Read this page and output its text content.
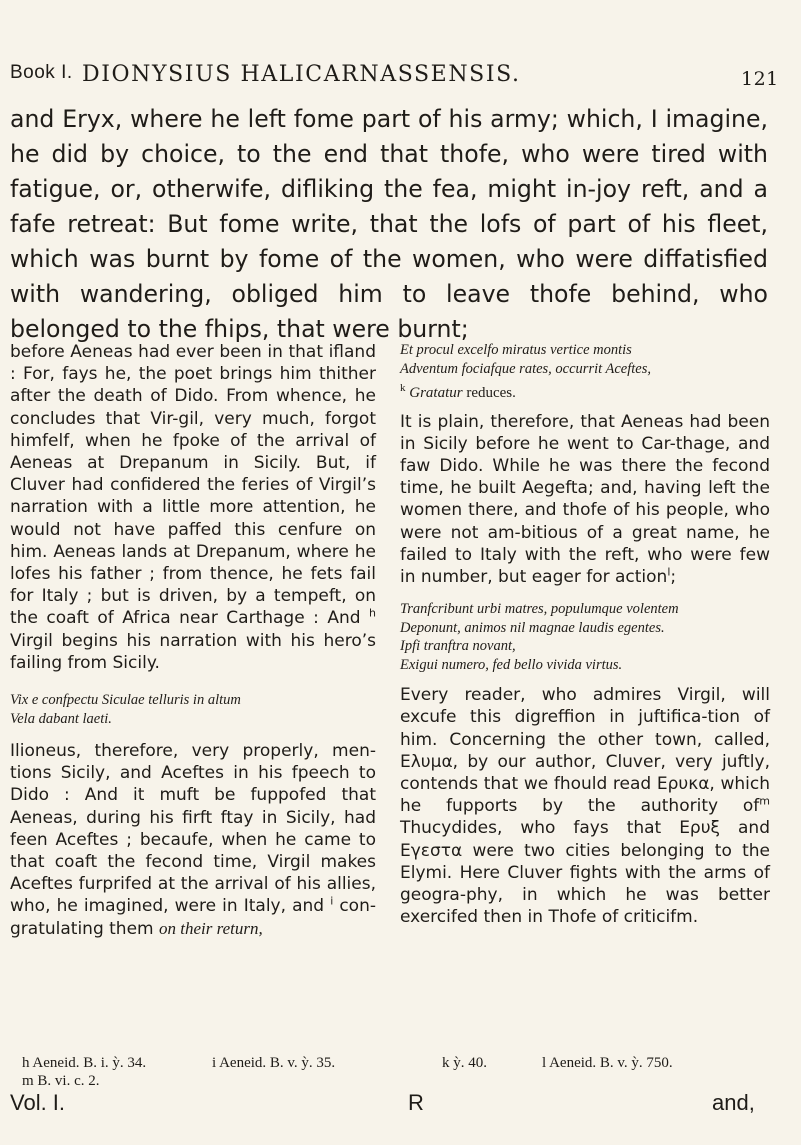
Book I. DIONYSIUS HALICARNASSENSIS.	121

and Eryx, where he left fome part of his army; which, I imagine, he did by choice, to the end that thofe, who were tired with fatigue, or, otherwife, difliking the fea, might in-joy reft, and a fafe retreat: But fome write, that the lofs of part of his fleet, which was burnt by fome of the women, who were diffatisfied with wandering, obliged him to leave thofe behind, who belonged to the fhips, that were burnt;

before Aeneas had ever been in that ifland : For, fays he, the poet brings him thither after the death of Dido. From whence, he concludes that Vir-gil, very much, forgot himfelf, when he fpoke of the arrival of Aeneas at Drepanum in Sicily. But, if Cluver had confidered the feries of Virgil’s narration with a little more attention, he would not have paffed this cenfure on him. Aeneas lands at Drepanum, where he lofes his father ; from thence, he fets fail for Italy ; but is driven, by a tempeft, on the coaft of Africa near Carthage : And $^h$ Virgil begins his narration with his hero’s failing from Sicily.

Vix e confpectu Siculae telluris in altum
Vela dabant laeti.

Ilioneus, therefore, very properly, men-tions Sicily, and Aceftes in his fpeech to Dido : And it muft be fuppofed that Aeneas, during his firft ftay in Sicily, had feen Aceftes ; becaufe, when he came to that coaft the fecond time, Virgil makes Aceftes furprifed at the arrival of his allies, who, he imagined, were in Italy, and $^i$ con-gratulating them on their return,

Et procul excelfo miratus vertice montis
Adventum fociafque rates, occurrit Aceftes,
$^k$ Gratatur reduces.

It is plain, therefore, that Aeneas had been in Sicily before he went to Car-thage, and faw Dido. While he was there the fecond time, he built Aegefta; and, having left the women there, and thofe of his people, who were not am-bitious of a great name, he failed to Italy with the reft, who were few in number, but eager for action$^l$;

Tranfcribunt urbi matres, populumque volentem
Deponunt, animos nil magnae laudis egentes.
Ipfi tranftra novant,
Exigui numero, fed bello vivida virtus.

Every reader, who admires Virgil, will excufe this digreffion in juftifica-tion of him. Concerning the other town, called, Ελυμα, by our author, Cluver, very juftly, contends that we fhould read Ερυκα, which he fupports by the authority of$^m$ Thucydides, who fays that Ερυξ and Εγεστα were two cities belonging to the Elymi. Here Cluver fights with the arms of geogra-phy, in which he was better exercifed then in Thofe of criticifm.

h Aeneid. B. i. ỳ. 34.	i Aeneid. B. v. ỳ. 35.	k ỳ. 40.	l Aeneid. B. v. ỳ. 750.
m B. vi. c. 2.
Vol. I.	R	and,
